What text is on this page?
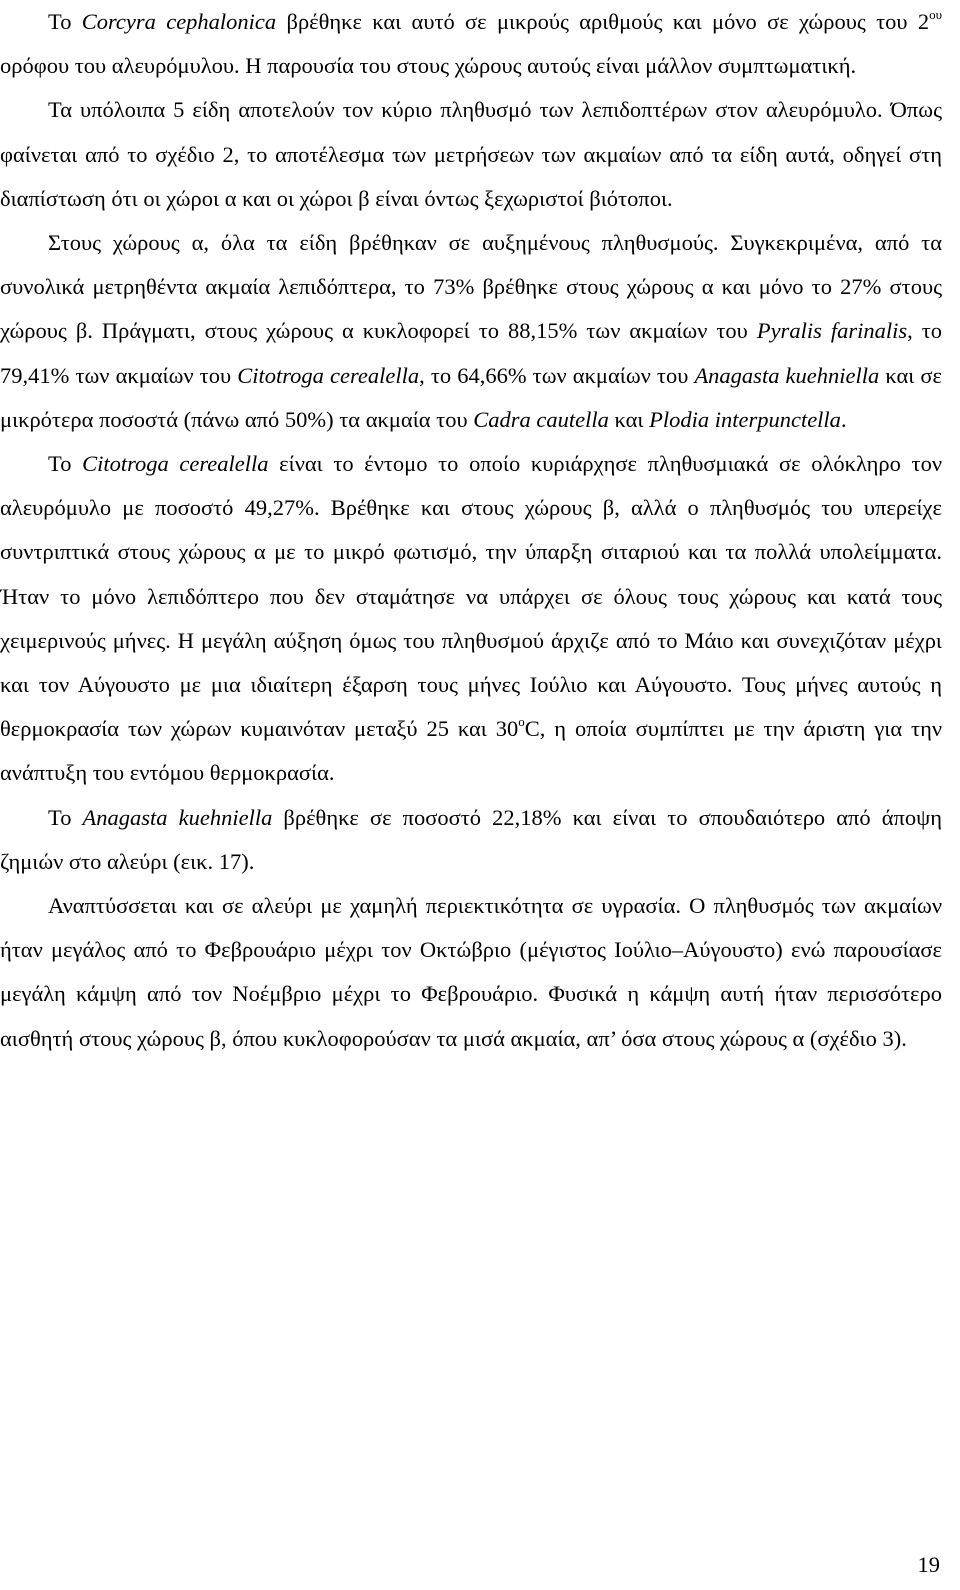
Το Corcyra cephalonica βρέθηκε και αυτό σε μικρούς αριθμούς και μόνο σε χώρους του $2^{o\upsilon}$ ορόφου του αλευρόμυλου. Η παρουσία του στους χώρους αυτούς είναι μάλλον συμπτωματική.

Τα υπόλοιπα 5 είδη αποτελούν τον κύριο πληθυσμό των λεπιδοπτέρων στον αλευρόμυλο. Όπως φαίνεται από το σχέδιο 2, το αποτέλεσμα των μετρήσεων των ακμαίων από τα είδη αυτά, οδηγεί στη διαπίστωση ότι οι χώροι α και οι χώροι β είναι όντως ξεχωριστοί βιότοποι.

Στους χώρους α, όλα τα είδη βρέθηκαν σε αυξημένους πληθυσμούς. Συγκεκριμένα, από τα συνολικά μετρηθέντα ακμαία λεπιδόπτερα, το 73% βρέθηκε στους χώρους α και μόνο το 27% στους χώρους β. Πράγματι, στους χώρους α κυκλοφορεί το 88,15% των ακμαίων του Pyralis farinalis, το 79,41% των ακμαίων του Citotroga cerealella, το 64,66% των ακμαίων του Anagasta kuehniella και σε μικρότερα ποσοστά (πάνω από 50%) τα ακμαία του Cadra cautella και Plodia interpunctella.

Το Citotroga cerealella είναι το έντομο το οποίο κυριάρχησε πληθυσμιακά σε ολόκληρο τον αλευρόμυλο με ποσοστό 49,27%. Βρέθηκε και στους χώρους β, αλλά ο πληθυσμός του υπερείχε συντριπτικά στους χώρους α με το μικρό φωτισμό, την ύπαρξη σιταριού και τα πολλά υπολείμματα. Ήταν το μόνο λεπιδόπτερο που δεν σταμάτησε να υπάρχει σε όλους τους χώρους και κατά τους χειμερινούς μήνες. Η μεγάλη αύξηση όμως του πληθυσμού άρχιζε από το Μάιο και συνεχιζόταν μέχρι και τον Αύγουστο με μια ιδιαίτερη έξαρση τους μήνες Ιούλιο και Αύγουστο. Τους μήνες αυτούς η θερμοκρασία των χώρων κυμαινόταν μεταξύ 25 και 30$^o$C, η οποία συμπίπτει με την άριστη για την ανάπτυξη του εντόμου θερμοκρασία.

Το Anagasta kuehniella βρέθηκε σε ποσοστό 22,18% και είναι το σπουδαιότερο από άποψη ζημιών στο αλεύρι (εικ. 17).

Αναπτύσσεται και σε αλεύρι με χαμηλή περιεκτικότητα σε υγρασία. Ο πληθυσμός των ακμαίων ήταν μεγάλος από το Φεβρουάριο μέχρι τον Οκτώβριο (μέγιστος Ιούλιο–Αύγουστο) ενώ παρουσίασε μεγάλη κάμψη από τον Νοέμβριο μέχρι το Φεβρουάριο. Φυσικά η κάμψη αυτή ήταν περισσότερο αισθητή στους χώρους β, όπου κυκλοφορούσαν τα μισά ακμαία, απ’ όσα στους χώρους α (σχέδιο 3).

19
